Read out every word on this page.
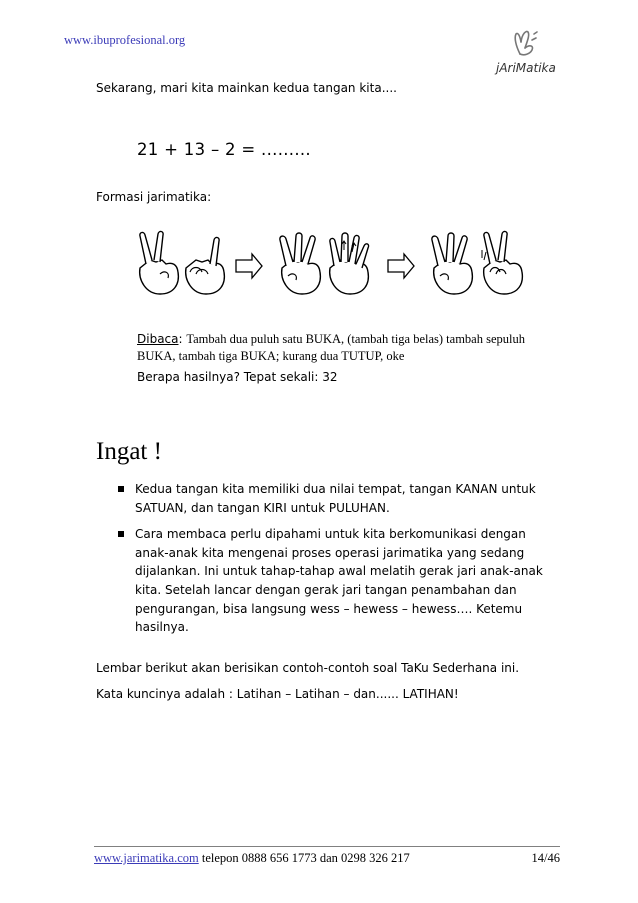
www.ibuprofesional.org
jAriMatika
Sekarang, mari kita mainkan kedua tangan kita....
21 + 13 – 2 = .........
Formasi jarimatika:
Dibaca: Tambah dua puluh satu BUKA, (tambah tiga belas) tambah sepuluh BUKA, tambah tiga BUKA; kurang dua TUTUP, oke
Berapa hasilnya? Tepat sekali: 32
Ingat !
Kedua tangan kita memiliki dua nilai tempat, tangan KANAN untuk SATUAN, dan tangan KIRI untuk PULUHAN.
Cara membaca perlu dipahami untuk kita berkomunikasi dengan anak-anak kita mengenai proses operasi jarimatika yang sedang dijalankan. Ini untuk tahap-tahap awal melatih gerak jari anak-anak kita. Setelah lancar dengan gerak jari tangan penambahan dan pengurangan, bisa langsung wess – hewess – hewess…. Ketemu hasilnya.
Lembar berikut akan berisikan contoh-contoh soal TaKu Sederhana ini.
Kata kuncinya adalah : Latihan – Latihan – dan...... LATIHAN!
www.jarimatika.com telepon 0888 656 1773 dan 0298 326 217	14/46
